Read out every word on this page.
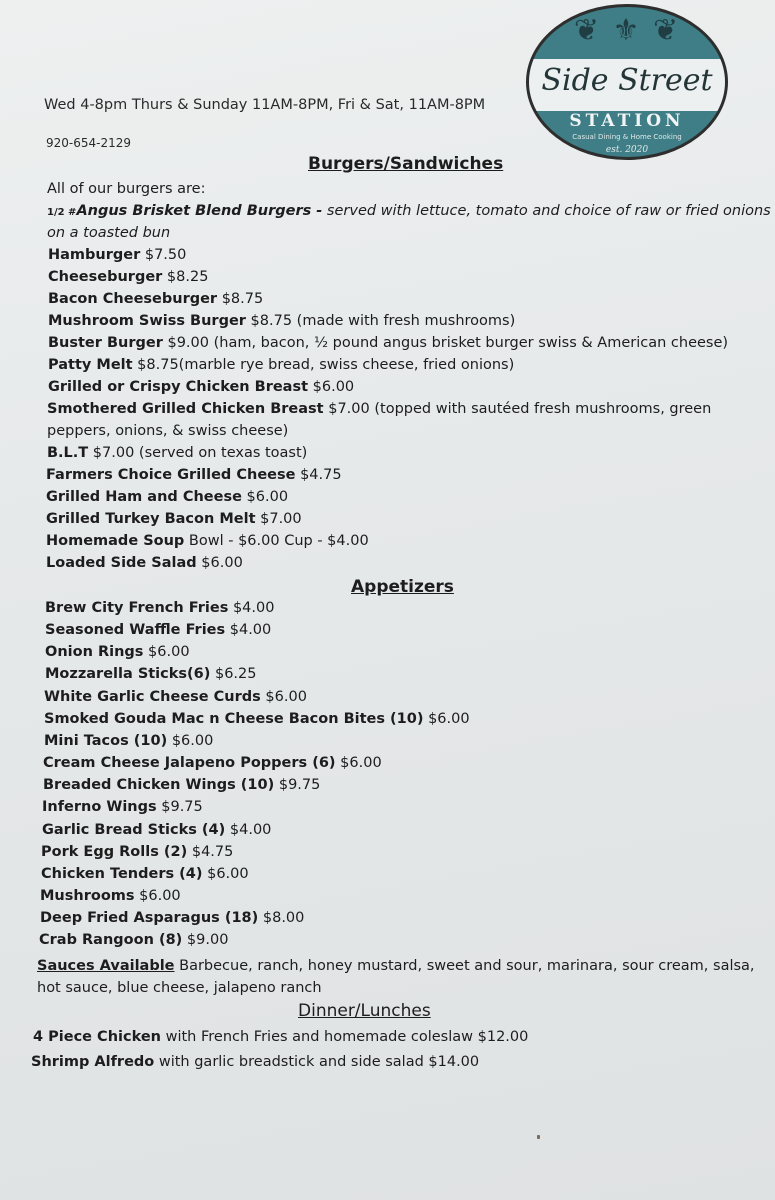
❦ ⚜ ❦
Side Street
STATION
Casual Dining & Home Cooking
est. 2020
Wed 4-8pm Thurs & Sunday 11AM-8PM, Fri & Sat, 11AM-8PM
920-654-2129
Burgers/Sandwiches
All of our burgers are:
1/2 #Angus Brisket Blend Burgers - served with lettuce, tomato and choice of raw or fried onions
on a toasted bun
Hamburger $7.50
Cheeseburger $8.25
Bacon Cheeseburger $8.75
Mushroom Swiss Burger $8.75 (made with fresh mushrooms)
Buster Burger $9.00 (ham, bacon, ½ pound angus brisket burger swiss & American cheese)
Patty Melt $8.75(marble rye bread, swiss cheese, fried onions)
Grilled or Crispy Chicken Breast $6.00
Smothered Grilled Chicken Breast $7.00 (topped with sautéed fresh mushrooms, green
peppers, onions, & swiss cheese)
B.L.T $7.00 (served on texas toast)
Farmers Choice Grilled Cheese $4.75
Grilled Ham and Cheese $6.00
Grilled Turkey Bacon Melt $7.00
Homemade Soup Bowl - $6.00 Cup - $4.00
Loaded Side Salad $6.00
Appetizers
Brew City French Fries $4.00
Seasoned Waffle Fries $4.00
Onion Rings $6.00
Mozzarella Sticks(6) $6.25
White Garlic Cheese Curds $6.00
Smoked Gouda Mac n Cheese Bacon Bites (10) $6.00
Mini Tacos (10) $6.00
Cream Cheese Jalapeno Poppers (6) $6.00
Breaded Chicken Wings (10) $9.75
Inferno Wings $9.75
Garlic Bread Sticks (4) $4.00
Pork Egg Rolls (2) $4.75
Chicken Tenders (4) $6.00
Mushrooms $6.00
Deep Fried Asparagus (18) $8.00
Crab Rangoon (8) $9.00
Sauces Available Barbecue, ranch, honey mustard, sweet and sour, marinara, sour cream, salsa, hot sauce, blue cheese, jalapeno ranch
Dinner/Lunches
4 Piece Chicken with French Fries and homemade coleslaw $12.00
Shrimp Alfredo with garlic breadstick and side salad $14.00
